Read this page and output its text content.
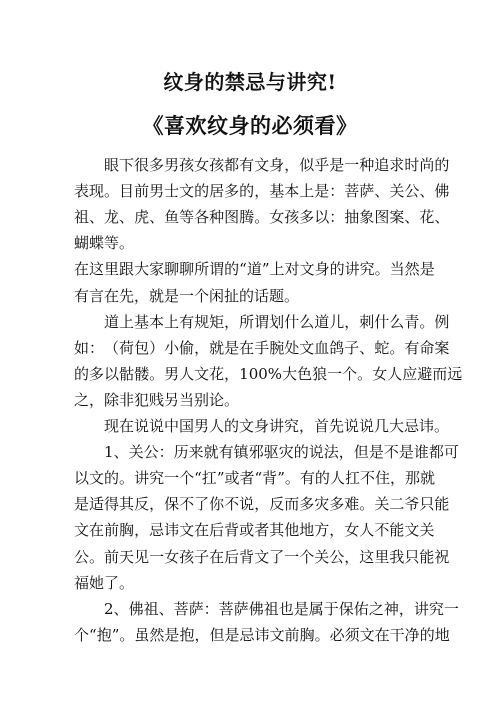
纹身的禁忌与讲究!
《喜欢纹身的必须看》
眼 下 很 多 男 孩 女 孩 都 有 文 身 ， 似 乎 是 一 种 追 求 时 尚 的
表 现 。 目 前 男 士 文 的 居 多 的 ， 基 本 上 是 ： 菩 萨 、 关 公 、 佛
祖 、 龙 、 虎 、 鱼 等 各 种 图 腾 。 女 孩 多 以 ： 抽 象 图 案 、 花 、
蝴蝶等。
在 这 里 跟 大 家 聊 聊 所 谓 的 “ 道 ” 上 对 文 身 的 讲 究 。 当 然 是
有言在先，就是一个闲扯的话题。
道 上 基 本 上 有 规 矩 ， 所 谓 划 什 么 道 儿 ， 刺 什 么 青 。 例
如 ： （ 荷 包 ） 小 偷 ， 就 是 在 手 腕 处 文 血 鸽 子 、 蛇 。 有 命 案
的 多 以 骷 髅 。 男 人 文 花 ， 100% 大 色 狼 一 个 。 女 人 应 避 而 远
之，除非犯贱另当别论。
现在说说中国男人的文身讲究，首先说说几大忌讳。
1 、 关 公 ： 历 来 就 有 镇 邪 驱 灾 的 说 法 ， 但 是 不 是 谁 都 可
以 文 的 。 讲 究 一 个 “ 扛 ” 或 者 “ 背 ” 。 有 的 人 扛 不 住 ， 那 就
是 适 得 其 反 ， 保 不 了 你 不 说 ， 反 而 多 灾 多 难 。 关 二 爷 只 能
文 在 前 胸 ， 忌 讳 文 在 后 背 或 者 其 他 地 方 ， 女 人 不 能 文 关
公 。 前 天 见 一 女 孩 子 在 后 背 文 了 一 个 关 公 ， 这 里 我 只 能 祝
福她了。
2 、 佛 祖 、 菩 萨 ： 菩 萨 佛 祖 也 是 属 于 保 佑 之 神 ， 讲 究 一
个 “ 抱 ” 。 虽 然 是 抱 ， 但 是 忌 讳 文 前 胸 。 必 须 文 在 干 净 的 地
